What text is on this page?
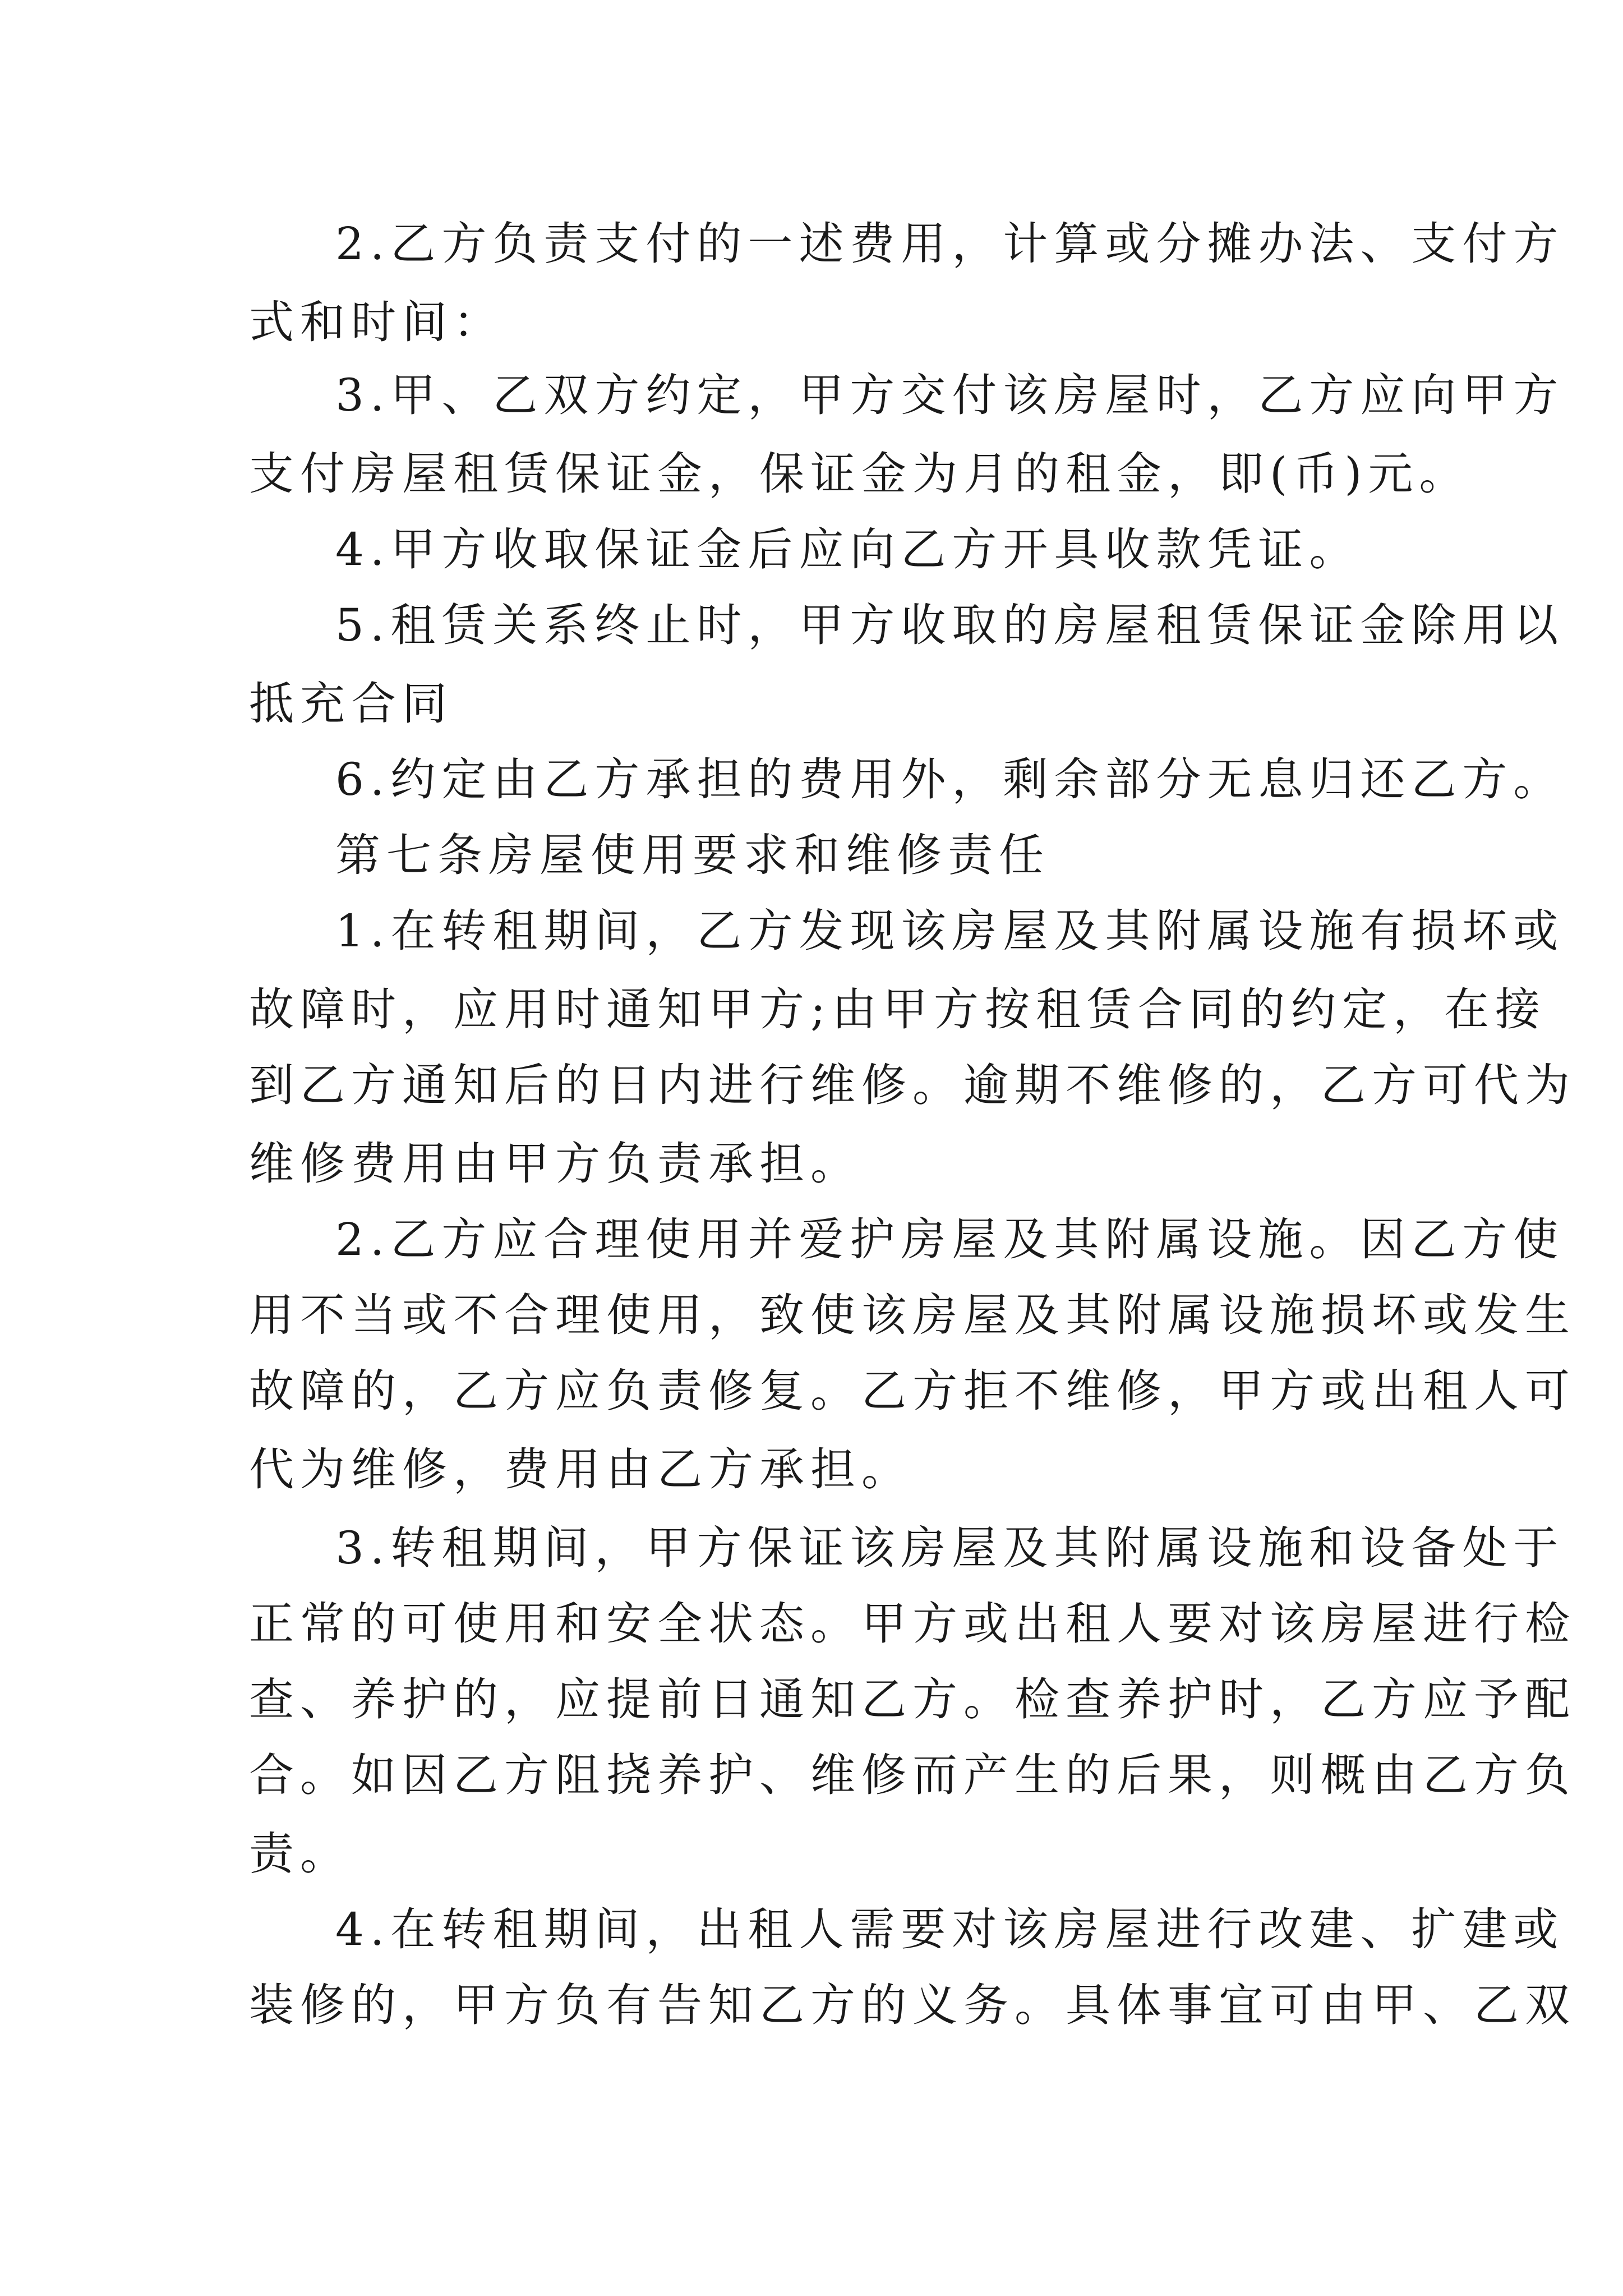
2.乙方负责支付的一述费用，计算或分摊办法、支付方
式和时间：
3.甲、乙双方约定，甲方交付该房屋时，乙方应向甲方
支付房屋租赁保证金，保证金为月的租金，即(币)元。
4.甲方收取保证金后应向乙方开具收款凭证。
5.租赁关系终止时，甲方收取的房屋租赁保证金除用以
抵充合同
6.约定由乙方承担的费用外，剩余部分无息归还乙方。
第七条房屋使用要求和维修责任
1.在转租期间，乙方发现该房屋及其附属设施有损坏或
故障时，应用时通知甲方;由甲方按租赁合同的约定，在接
到乙方通知后的日内进行维修。逾期不维修的，乙方可代为
维修费用由甲方负责承担。
2.乙方应合理使用并爱护房屋及其附属设施。因乙方使
用不当或不合理使用，致使该房屋及其附属设施损坏或发生
故障的，乙方应负责修复。乙方拒不维修，甲方或出租人可
代为维修，费用由乙方承担。
3.转租期间，甲方保证该房屋及其附属设施和设备处于
正常的可使用和安全状态。甲方或出租人要对该房屋进行检
查、养护的，应提前日通知乙方。检查养护时，乙方应予配
合。如因乙方阻挠养护、维修而产生的后果，则概由乙方负
责。
4.在转租期间，出租人需要对该房屋进行改建、扩建或
装修的，甲方负有告知乙方的义务。具体事宜可由甲、乙双
